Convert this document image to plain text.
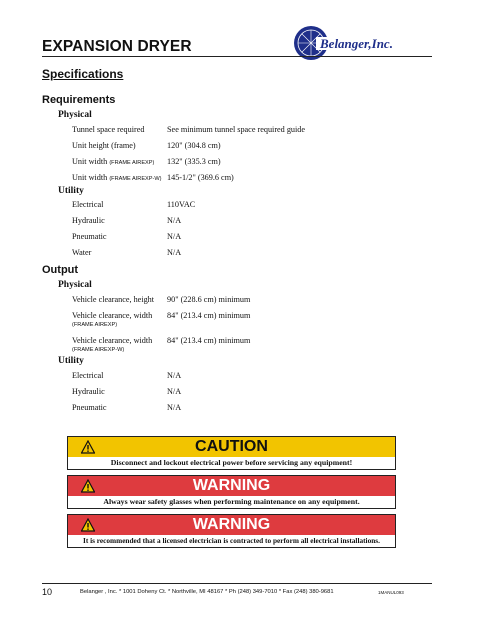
EXPANSION DRYER	Belanger,Inc.
Specifications
Requirements
Physical
Tunnel space required	See minimum tunnel space required guide
Unit height (frame)	120" (304.8 cm)
Unit width (FRAME AIREXP) 132" (335.3 cm)
Unit width (FRAME AIREXP-W) 145-1/2" (369.6 cm)
Utility
Electrical	110VAC
Hydraulic	N/A
Pneumatic	N/A
Water	N/A
Output
Physical
Vehicle clearance, height 90" (228.6 cm) minimum
Vehicle clearance, width
(FRAME AIREXP)
84" (213.4 cm) minimum
Vehicle clearance, width
(FRAME AIREXP-W)
84" (213.4 cm) minimum
Utility
Electrical	N/A
Hydraulic	N/A
Pneumatic	N/A
CAUTION
Disconnect and lockout electrical power before servicing any equipment!
WARNING
Always wear safety glasses when performing maintenance on any equipment.
WARNING
It is recommended that a licensed electrician is contracted to perform all electrical installations.
10	Belanger , Inc. * 1001 Doheny Ct. * Northville, MI 48167 * Ph (248) 349-7010 * Fax (248) 380-9681	1MANUL093
